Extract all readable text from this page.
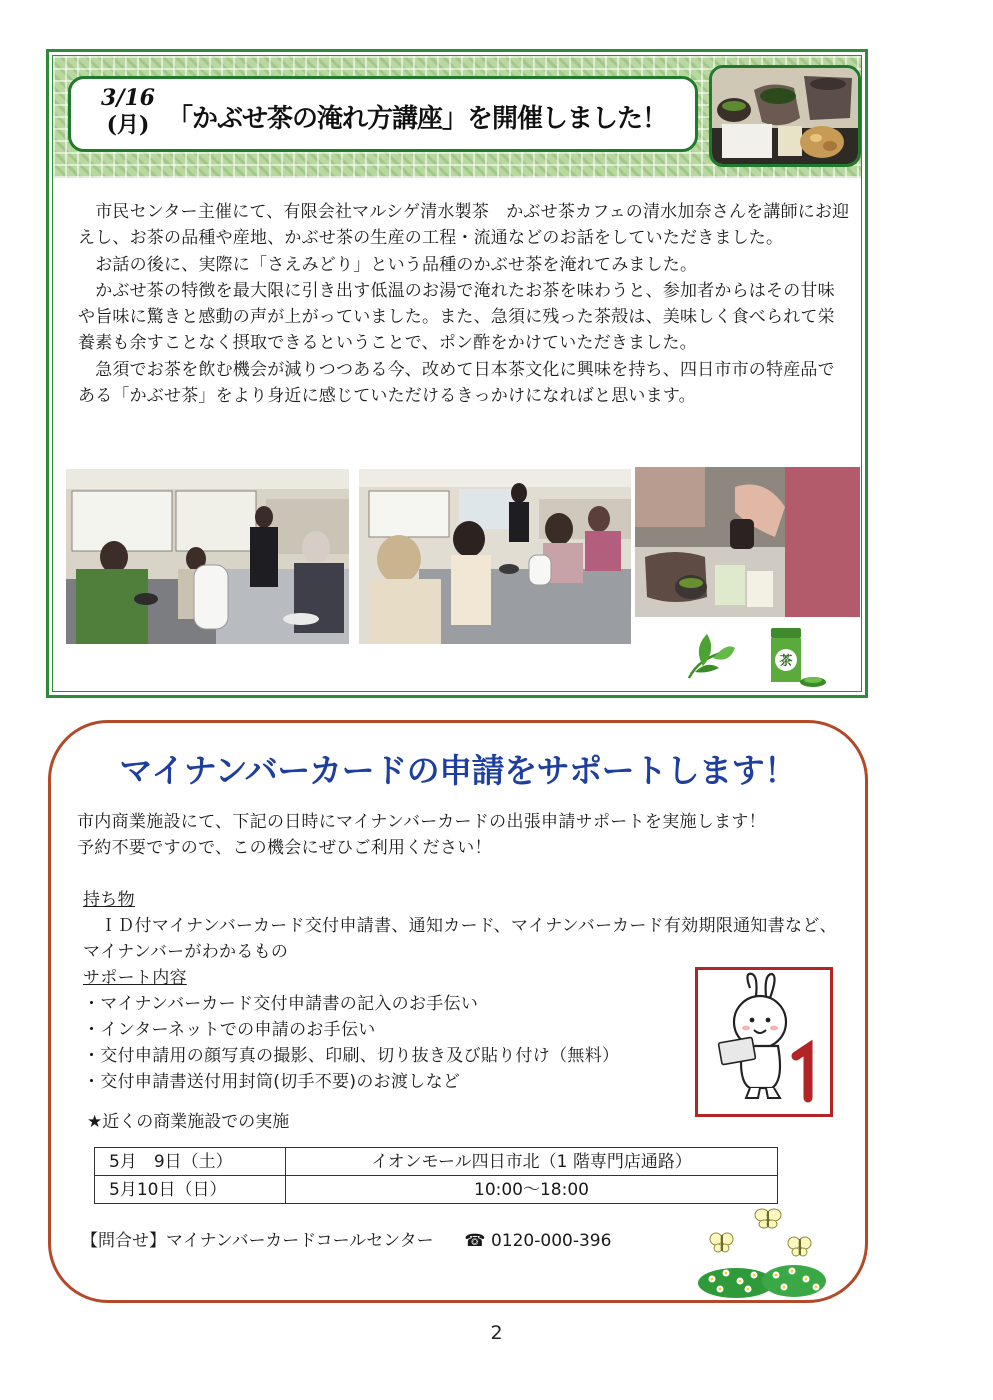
3/16
(月) 「かぶせ茶の淹れ方講座」を開催しました！

　市民センター主催にて、有限会社マルシゲ清水製茶　かぶせ茶カフェの清水加奈さんを講師にお迎えし、お茶の品種や産地、かぶせ茶の生産の工程・流通などのお話をしていただきました。

　お話の後に、実際に「さえみどり」という品種のかぶせ茶を淹れてみました。

　かぶせ茶の特徴を最大限に引き出す低温のお湯で淹れたお茶を味わうと、参加者からはその甘味や旨味に驚きと感動の声が上がっていました。また、急須に残った茶殻は、美味しく食べられて栄養素も余すことなく摂取できるということで、ポン酢をかけていただきました。

　急須でお茶を飲む機会が減りつつある今、改めて日本茶文化に興味を持ち、四日市市の特産品である「かぶせ茶」をより身近に感じていただけるきっかけになればと思います。

茶
マイナンバーカードの申請をサポートします！

市内商業施設にて、下記の日時にマイナンバーカードの出張申請サポートを実施します！

予約不要ですので、この機会にぜひご利用ください！

持ち物

ＩＤ付マイナンバーカード交付申請書、通知カード、マイナンバーカード有効期限通知書など、マイナンバーがわかるもの

サポート内容

・マイナンバーカード交付申請書の記入のお手伝い

・インターネットでの申請のお手伝い

・交付申請用の顔写真の撮影、印刷、切り抜き及び貼り付け（無料）

・交付申請書送付用封筒(切手不要)のお渡しなど

★近くの商業施設での実施
5月　9日（土）	イオンモール四日市北（1 階専門店通路）
5月10日（日）	10:00〜18:00
【問合せ】マイナンバーカードコールセンター ☎ 0120-000-396
2
